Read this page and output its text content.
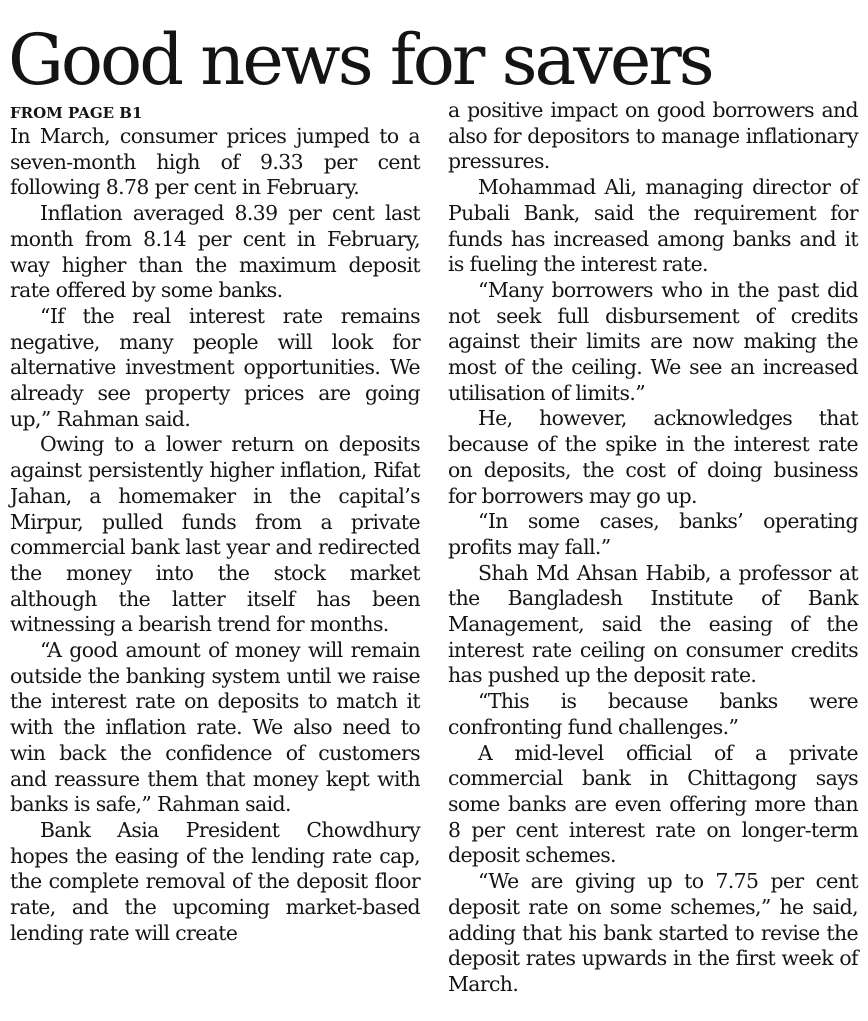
Good news for savers
FROM PAGE B1

In March, consumer prices jumped to a seven-month high of 9.33 per cent following 8.78 per cent in February.

Inflation averaged 8.39 per cent last month from 8.14 per cent in February, way higher than the maximum deposit rate offered by some banks.

“If the real interest rate remains negative, many people will look for alternative investment opportunities. We already see property prices are going up,” Rahman said.

Owing to a lower return on deposits against persistently higher inflation, Rifat Jahan, a homemaker in the capital’s Mirpur, pulled funds from a private commercial bank last year and redirected the money into the stock market although the latter itself has been witnessing a bearish trend for months.

“A good amount of money will remain outside the banking system until we raise the interest rate on deposits to match it with the inflation rate. We also need to win back the confidence of customers and reassure them that money kept with banks is safe,” Rahman said.

Bank Asia President Chowdhury hopes the easing of the lending rate cap, the complete removal of the deposit floor rate, and the upcoming market-based lending rate will create

a positive impact on good borrowers and also for depositors to manage inflationary pressures.

Mohammad Ali, managing director of Pubali Bank, said the requirement for funds has increased among banks and it is fueling the interest rate.

“Many borrowers who in the past did not seek full disbursement of credits against their limits are now making the most of the ceiling. We see an increased utilisation of limits.”

He, however, acknowledges that because of the spike in the interest rate on deposits, the cost of doing business for borrowers may go up.

“In some cases, banks’ operating profits may fall.”

Shah Md Ahsan Habib, a professor at the Bangladesh Institute of Bank Management, said the easing of the interest rate ceiling on consumer credits has pushed up the deposit rate.

“This is because banks were confronting fund challenges.”

A mid-level official of a private commercial bank in Chittagong says some banks are even offering more than 8 per cent interest rate on longer-term deposit schemes.

“We are giving up to 7.75 per cent deposit rate on some schemes,” he said, adding that his bank started to revise the deposit rates upwards in the first week of March.
